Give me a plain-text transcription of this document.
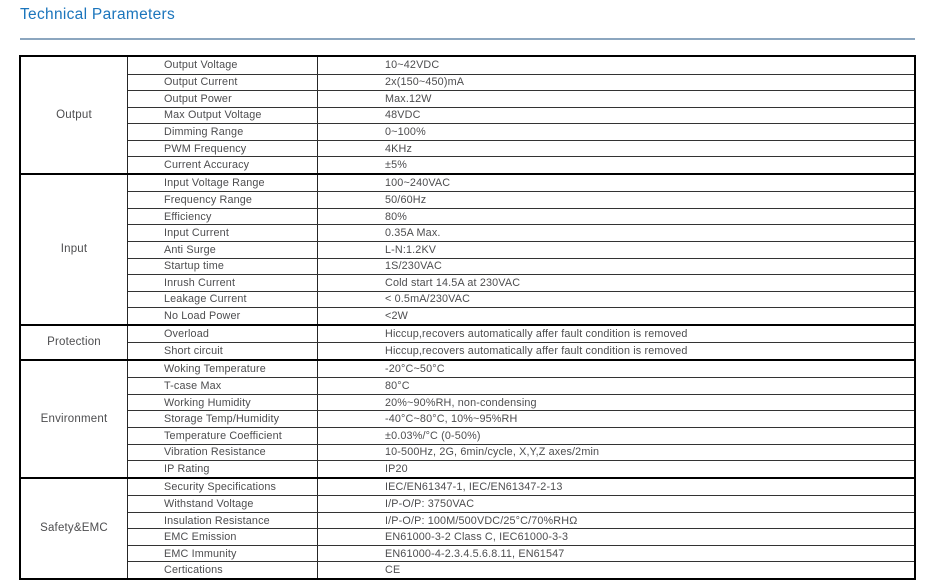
Technical Parameters
Output
Output Voltage	10~42VDC
Output Current	2x(150~450)mA
Output Power	Max.12W
Max Output Voltage	48VDC
Dimming Range	0~100%
PWM Frequency	4KHz
Current Accuracy	±5%
Input
Input Voltage Range	100~240VAC
Frequency Range	50/60Hz
Efficiency	80%
Input Current	0.35A Max.
Anti Surge	L-N:1.2KV
Startup time	1S/230VAC
Inrush Current	Cold start 14.5A at 230VAC
Leakage Current	< 0.5mA/230VAC
No Load Power	<2W
Protection
Overload	Hiccup,recovers automatically affer fault condition is removed
Short circuit	Hiccup,recovers automatically affer fault condition is removed
Environment
Woking Temperature	-20°C~50°C
T-case Max	80°C
Working Humidity	20%~90%RH, non-condensing
Storage Temp/Humidity	-40°C~80°C, 10%~95%RH
Temperature Coefficient	±0.03%/°C (0-50%)
Vibration Resistance	10-500Hz, 2G, 6min/cycle, X,Y,Z axes/2min
IP Rating	IP20
Safety&EMC
Security Specifications	IEC/EN61347-1, IEC/EN61347-2-13
Withstand Voltage	I/P-O/P: 3750VAC
Insulation Resistance	I/P-O/P: 100M/500VDC/25°C/70%RHΩ
EMC Emission	EN61000-3-2 Class C, IEC61000-3-3
EMC Immunity	EN61000-4-2.3.4.5.6.8.11, EN61547
Certications	CE
